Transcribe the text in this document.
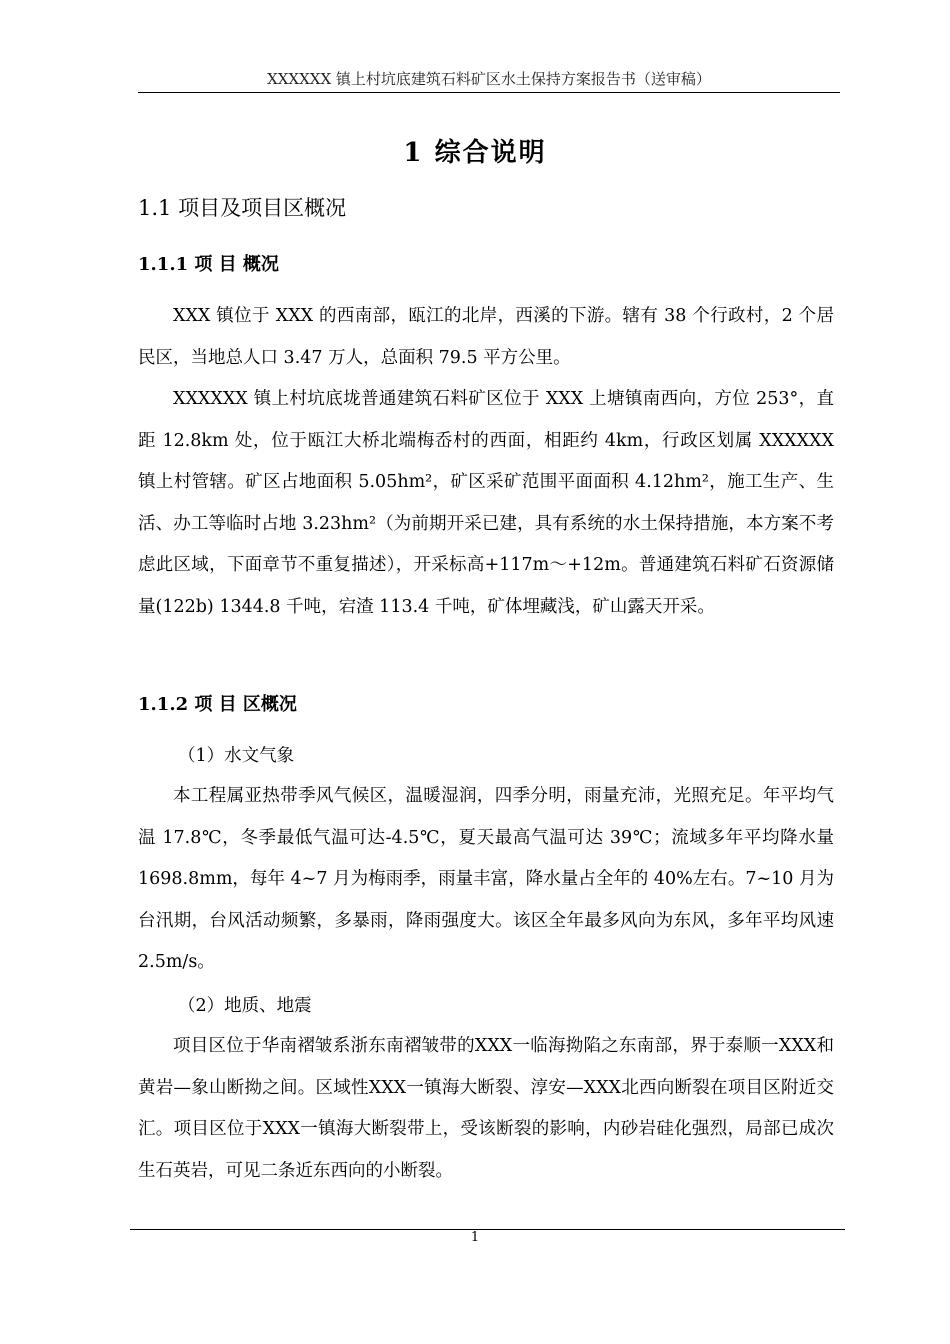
XXXXXX 镇上村坑底建筑石料矿区水土保持方案报告书（送审稿）
1 综合说明
1.1 项目及项目区概况
1.1.1 项 目 概况

XXX 镇位于 XXX 的西南部，瓯江的北岸，西溪的下游。辖有 38 个行政村，2 个居民区，当地总人口 3.47 万人，总面积 79.5 平方公里。

XXXXXX 镇上村坑底垅普通建筑石料矿区位于 XXX 上塘镇南西向，方位 253°，直距 12.8km 处，位于瓯江大桥北端梅岙村的西面，相距约 4km，行政区划属 XXXXXX 镇上村管辖。矿区占地面积 5.05hm²，矿区采矿范围平面面积 4.12hm²，施工生产、生活、办工等临时占地 3.23hm²（为前期开采已建，具有系统的水土保持措施，本方案不考虑此区域，下面章节不重复描述），开采标高+117m～+12m。普通建筑石料矿石资源储量(122b) 1344.8 千吨，宕渣 113.4 千吨，矿体埋藏浅，矿山露天开采。

1.1.2 项 目 区概况
（1）水文气象

本工程属亚热带季风气候区，温暖湿润，四季分明，雨量充沛，光照充足。年平均气温 17.8℃，冬季最低气温可达-4.5℃，夏天最高气温可达 39℃；流域多年平均降水量 1698.8mm，每年 4~7 月为梅雨季，雨量丰富，降水量占全年的 40%左右。7~10 月为台汛期，台风活动频繁，多暴雨，降雨强度大。该区全年最多风向为东风，多年平均风速 2.5m/s。

（2）地质、地震

项目区位于华南褶皱系浙东南褶皱带的XXX一临海拗陷之东南部，界于泰顺一XXX和黄岩—象山断拗之间。区域性XXX一镇海大断裂、淳安—XXX北西向断裂在项目区附近交汇。项目区位于XXX一镇海大断裂带上，受该断裂的影响，内砂岩硅化强烈，局部已成次生石英岩，可见二条近东西向的小断裂。

1
